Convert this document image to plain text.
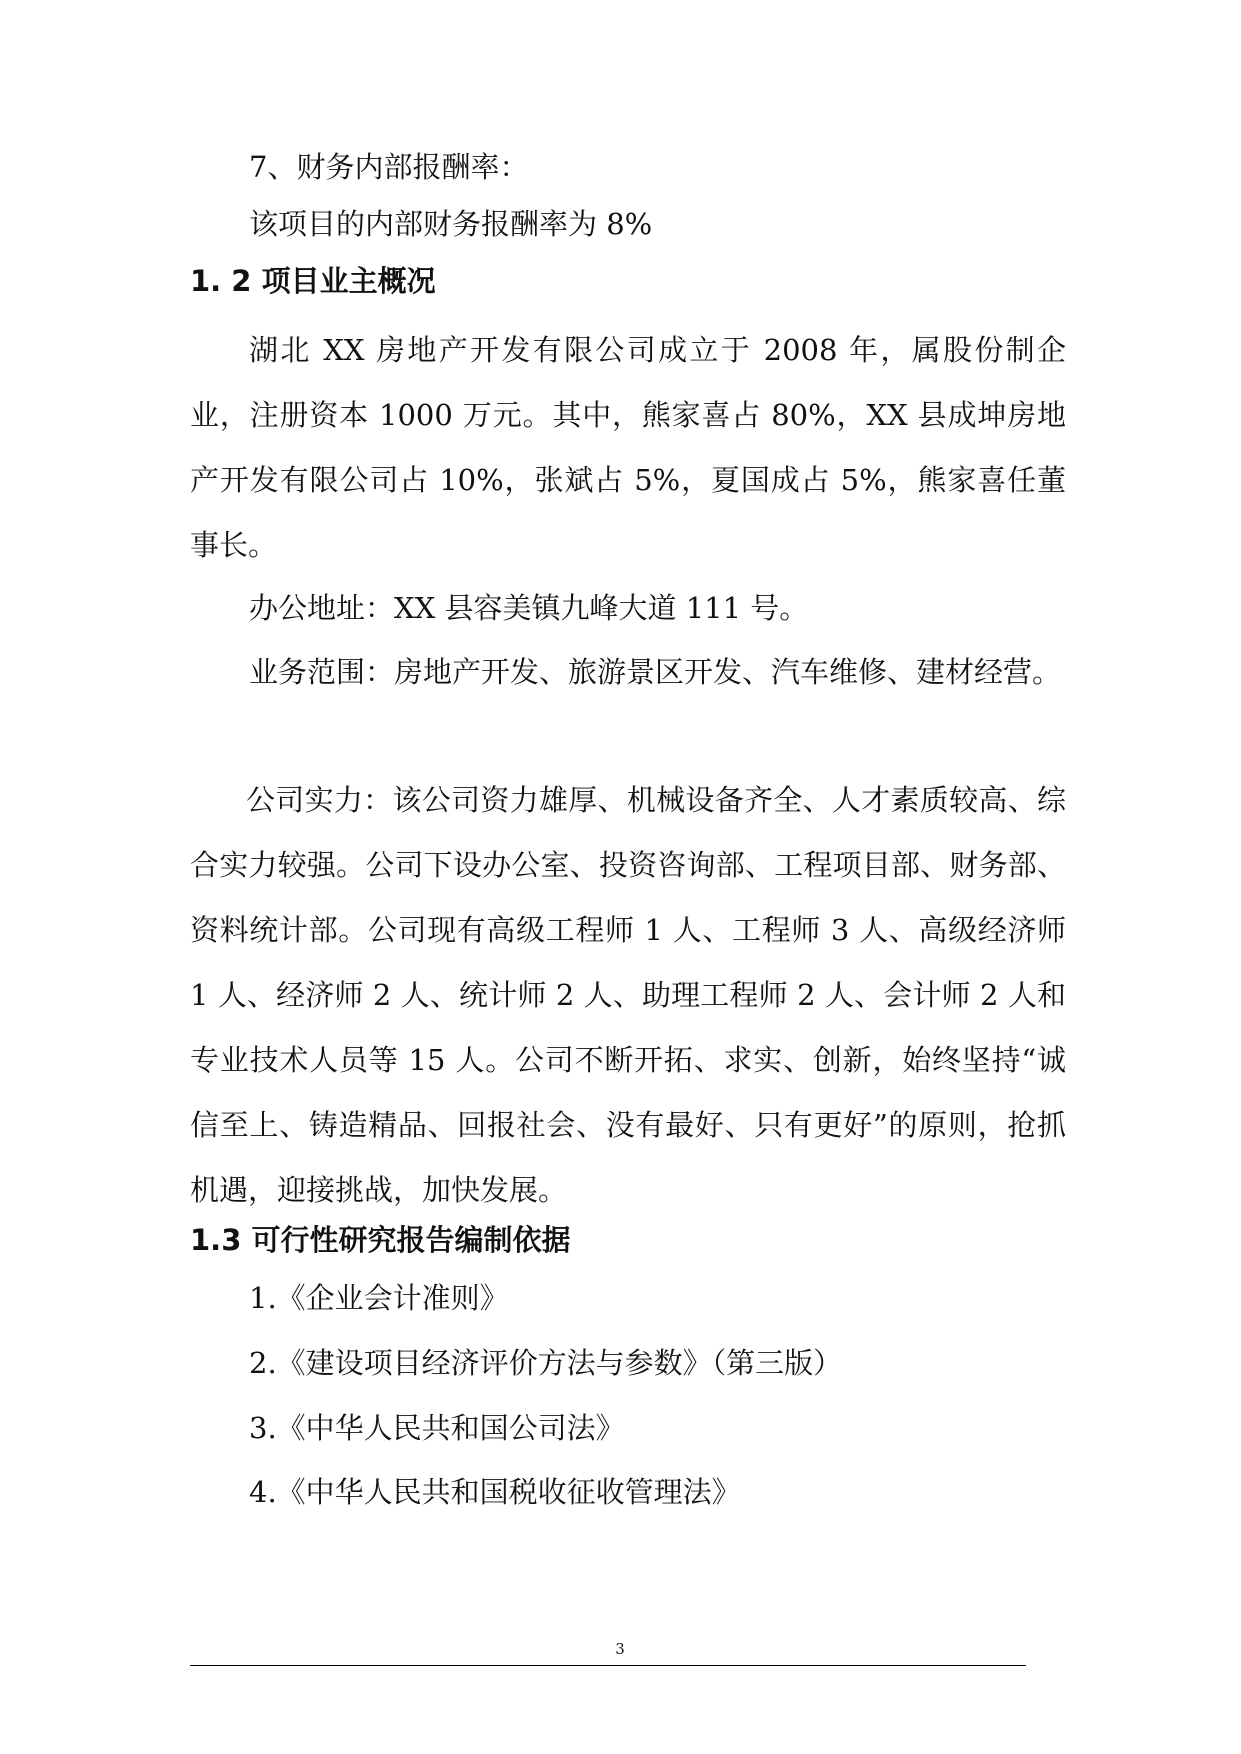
7、财务内部报酬率：

该项目的内部财务报酬率为 8%

1. 2 项目业主概况

湖北 XX 房地产开发有限公司成立于 2008 年，属股份制企业，注册资本 1000 万元。其中，熊家喜占 80%，XX 县成坤房地产开发有限公司占 10%，张斌占 5%，夏国成占 5%，熊家喜任董事长。

办公地址：XX 县容美镇九峰大道 111 号。

业务范围：房地产开发、旅游景区开发、汽车维修、建材经营。

公司实力：该公司资力雄厚、机械设备齐全、人才素质较高、综合实力较强。公司下设办公室、投资咨询部、工程项目部、财务部、资料统计部。公司现有高级工程师 1 人、工程师 3 人、高级经济师 1 人、经济师 2 人、统计师 2 人、助理工程师 2 人、会计师 2 人和专业技术人员等 15 人。公司不断开拓、求实、创新，始终坚持“诚信至上、铸造精品、回报社会、没有最好、只有更好”的原则，抢抓机遇，迎接挑战，加快发展。

1.3 可行性研究报告编制依据

1.《企业会计准则》

2.《建设项目经济评价方法与参数》（第三版）

3.《中华人民共和国公司法》

4.《中华人民共和国税收征收管理法》

3
